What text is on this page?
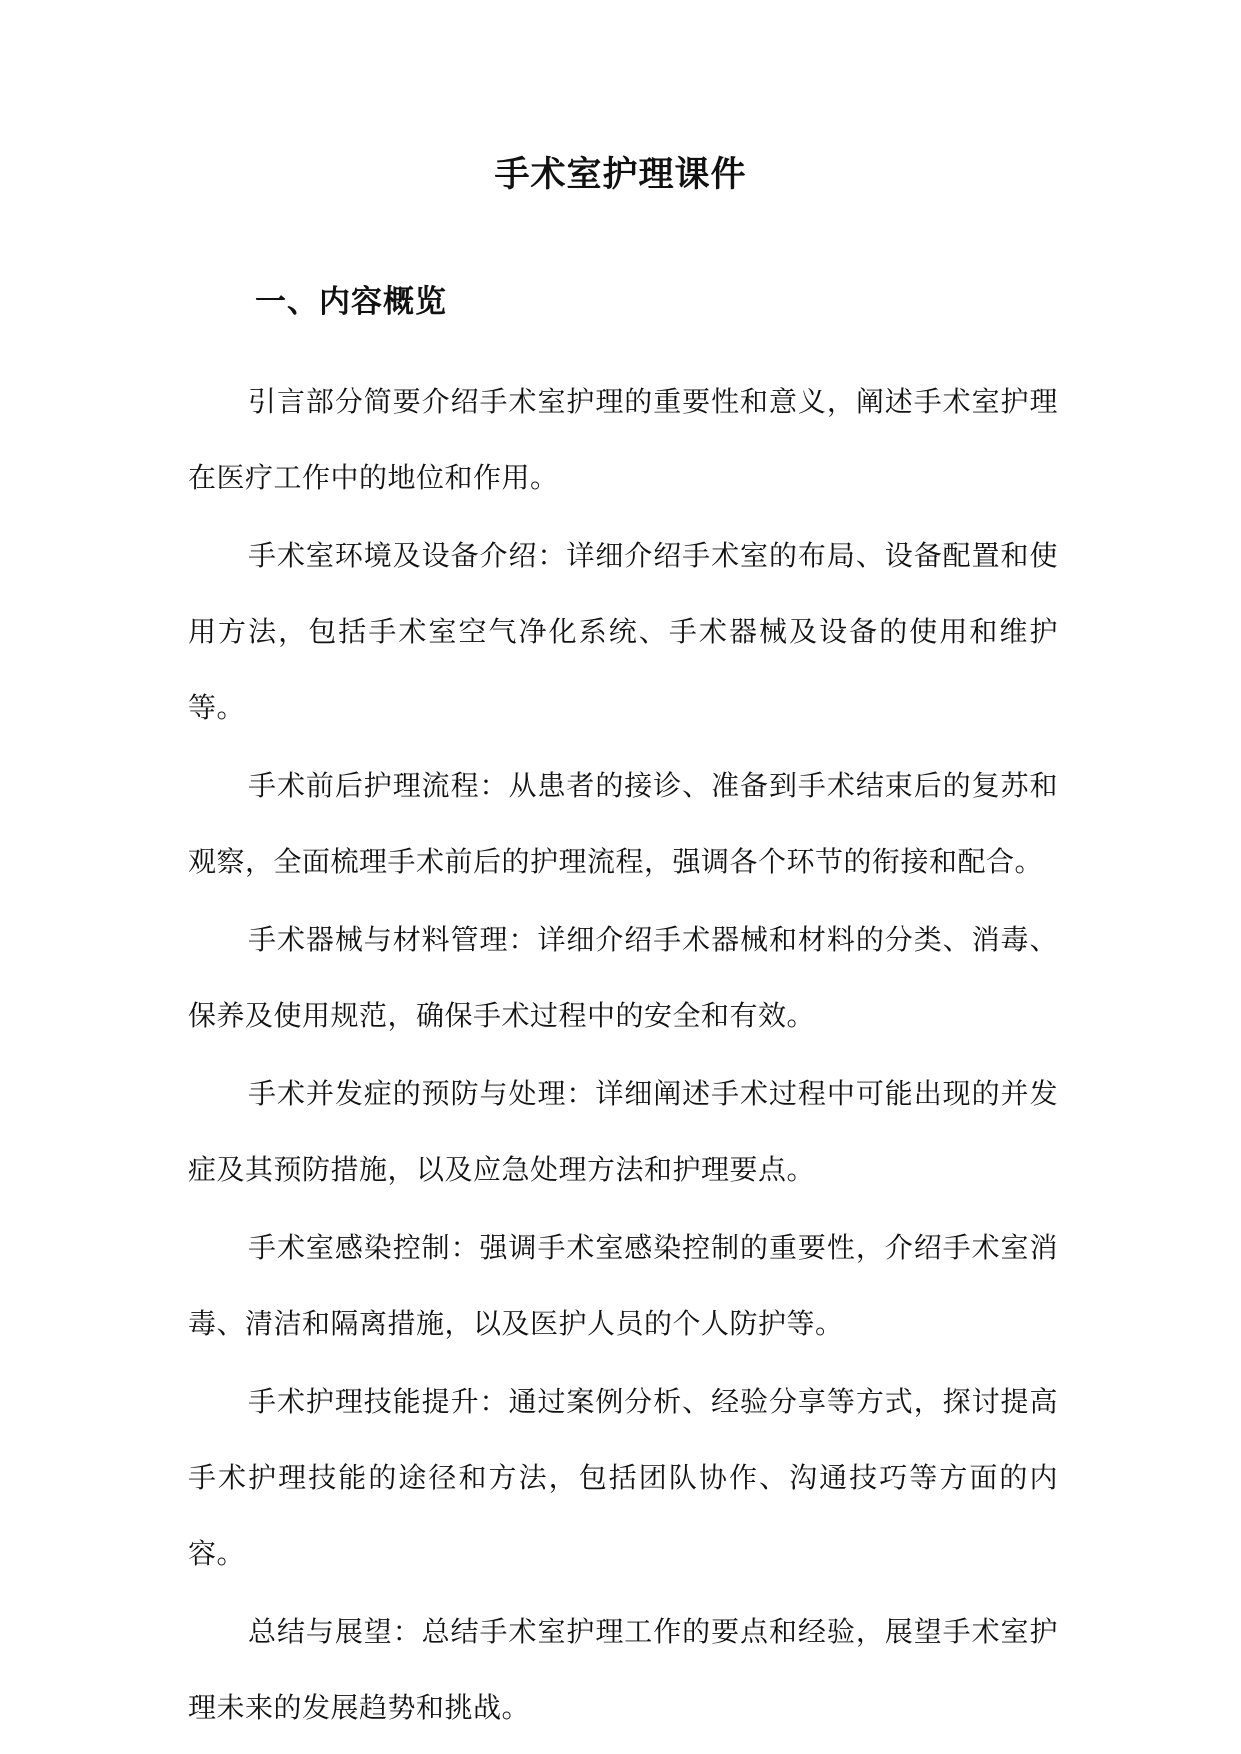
手术室护理课件
一、内容概览

引言部分简要介绍手术室护理的重要性和意义，阐述手术室护理在医疗工作中的地位和作用。

手术室环境及设备介绍：详细介绍手术室的布局、设备配置和使用方法，包括手术室空气净化系统、手术器械及设备的使用和维护等。

手术前后护理流程：从患者的接诊、准备到手术结束后的复苏和观察，全面梳理手术前后的护理流程，强调各个环节的衔接和配合。

手术器械与材料管理：详细介绍手术器械和材料的分类、消毒、保养及使用规范，确保手术过程中的安全和有效。

手术并发症的预防与处理：详细阐述手术过程中可能出现的并发症及其预防措施，以及应急处理方法和护理要点。

手术室感染控制：强调手术室感染控制的重要性，介绍手术室消毒、清洁和隔离措施，以及医护人员的个人防护等。

手术护理技能提升：通过案例分析、经验分享等方式，探讨提高手术护理技能的途径和方法，包括团队协作、沟通技巧等方面的内容。

总结与展望：总结手术室护理工作的要点和经验，展望手术室护理未来的发展趋势和挑战。
